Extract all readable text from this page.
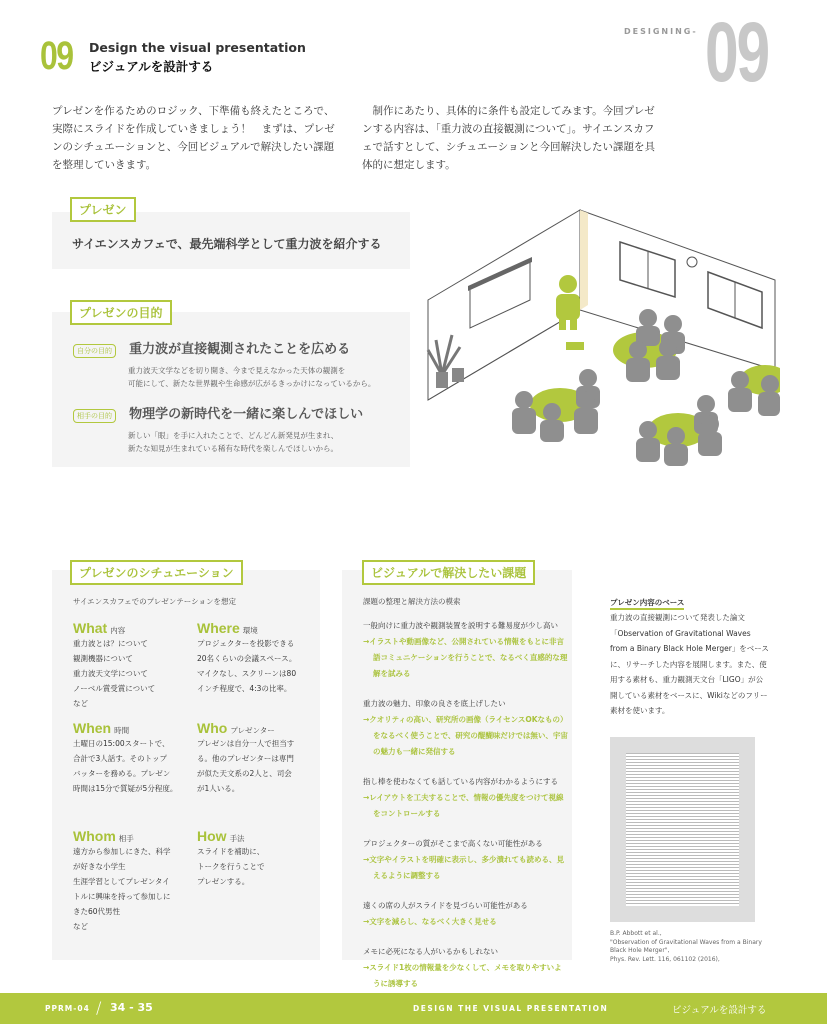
09 Design the visual presentation
ビジュアルを設計する
DESIGNING- 09
プレゼンを作るためのロジック、下準備も終えたところで、実際にスライドを作成していきましょう！　まずは、プレゼンのシチュエーションと、今回ビジュアルで解決したい課題を整理していきます。
　制作にあたり、具体的に条件も設定してみます。今回プレゼンする内容は、「重力波の直接観測について」。サイエンスカフェで話すとして、シチュエーションと今回解決したい課題を具体的に想定します。
プレゼン
サイエンスカフェで、最先端科学として重力波を紹介する
プレゼンの目的
自分の目的 重力波が直接観測されたことを広める
重力波天文学などを切り開き、今まで見えなかった天体の観測を
可能にして、新たな世界観や生命感が広がるきっかけになっているから。
相手の目的 物理学の新時代を一緒に楽しんでほしい
新しい「眼」を手に入れたことで、どんどん新発見が生まれ、
新たな知見が生まれている稀有な時代を楽しんでほしいから。
プレゼンのシチュエーション
サイエンスカフェでのプレゼンテーションを想定
What 内容
重力波とは？について
観測機器について
重力波天文学について
ノーベル賞受賞について
など
Where 環境
プロジェクターを投影できる
20名くらいの会議スペース。
マイクなし、スクリーンは80
インチ程度で、4:3の比率。
When 時間
土曜日の15:00スタートで、
合計で3人話す。そのトップ
バッターを務める。プレゼン
時間は15分で質疑が5分程度。
Who プレゼンター
プレゼンは自分一人で担当す
る。他のプレゼンターは専門
が似た天文系の2人と、司会
が1人いる。
Whom 相手
遠方から参加しにきた、科学
が好きな小学生
生涯学習としてプレゼンタイ
トルに興味を持って参加しに
きた60代男性
など
How 手法
スライドを補助に、
トークを行うことで
プレゼンする。
ビジュアルで解決したい課題
課題の整理と解決方法の模索
一般向けに重力波や観測装置を説明する難易度が少し高い
→イラストや動画像など、公開されている情報をもとに非言語コミュニケーションを行うことで、なるべく直感的な理解を試みる
重力波の魅力、印象の良さを底上げしたい
→クオリティの高い、研究所の画像（ライセンスOKなもの）をなるべく使うことで、研究の醍醐味だけでは無い、宇宙の魅力も一緒に発信する
指し棒を使わなくても話している内容がわかるようにする
→レイアウトを工夫することで、情報の優先度をつけて視線をコントロールする
プロジェクターの質がそこまで高くない可能性がある
→文字やイラストを明確に表示し、多少潰れても読める、見えるように調整する
遠くの席の人がスライドを見づらい可能性がある
→文字を減らし、なるべく大きく見せる
メモに必死になる人がいるかもしれない
→スライド1枚の情報量を少なくして、メモを取りやすいように誘導する
プレゼン内容のベース
重力波の直接観測について発表した論文「Observation of Gravitational Waves from a Binary Black Hole Merger」をベースに、リサーチした内容を展開します。また、使用する素材も、重力観測天文台「LIGO」が公開している素材をベースに、Wikiなどのフリー素材を使います。
B.P. Abbott et al.,
"Observation of Gravitational Waves from a Binary Black Hole Merger",
Phys. Rev. Lett. 116, 061102 (2016),
PPRM-04 / 34 - 35	DESIGN THE VISUAL PRESENTATION	ビジュアルを設計する
